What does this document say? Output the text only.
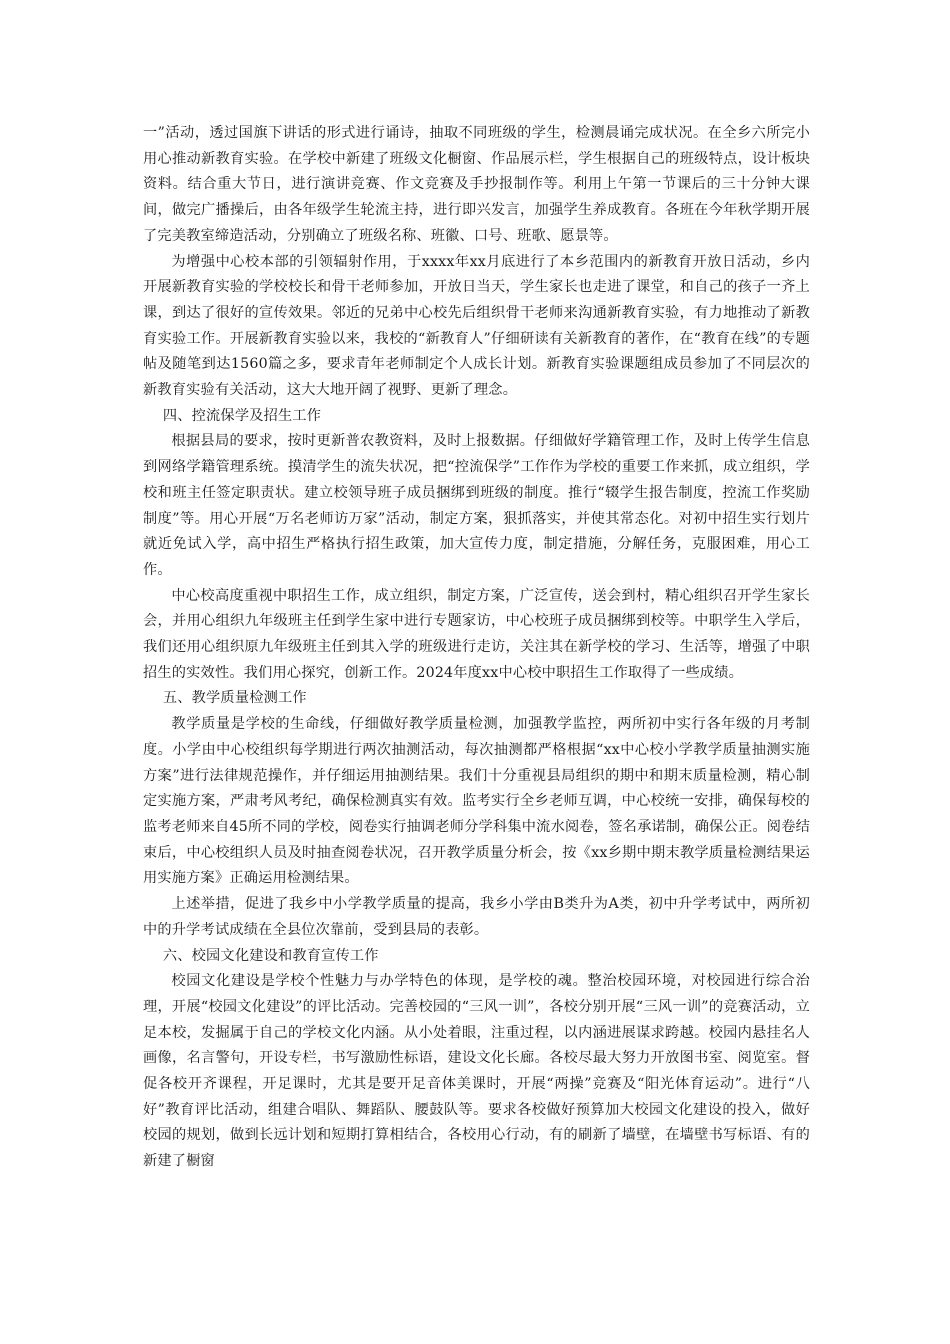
一”活动，透过国旗下讲话的形式进行诵诗，抽取不同班级的学生，检测晨诵完成状况。在全乡六所完小用心推动新教育实验。在学校中新建了班级文化橱窗、作品展示栏，学生根据自己的班级特点，设计板块资料。结合重大节日，进行演讲竞赛、作文竞赛及手抄报制作等。利用上午第一节课后的三十分钟大课间，做完广播操后，由各年级学生轮流主持，进行即兴发言，加强学生养成教育。各班在今年秋学期开展了完美教室缔造活动，分别确立了班级名称、班徽、口号、班歌、愿景等。

为增强中心校本部的引领辐射作用，于xxxx年xx月底进行了本乡范围内的新教育开放日活动，乡内开展新教育实验的学校校长和骨干老师参加，开放日当天，学生家长也走进了课堂，和自己的孩子一齐上课，到达了很好的宣传效果。邻近的兄弟中心校先后组织骨干老师来沟通新教育实验，有力地推动了新教育实验工作。开展新教育实验以来，我校的“新教育人”仔细研读有关新教育的著作，在“教育在线”的专题帖及随笔到达1560篇之多，要求青年老师制定个人成长计划。新教育实验课题组成员参加了不同层次的新教育实验有关活动，这大大地开阔了视野、更新了理念。

四、控流保学及招生工作

根据县局的要求，按时更新普农教资料，及时上报数据。仔细做好学籍管理工作，及时上传学生信息到网络学籍管理系统。摸清学生的流失状况，把“控流保学”工作作为学校的重要工作来抓，成立组织，学校和班主任签定职责状。建立校领导班子成员捆绑到班级的制度。推行“辍学生报告制度，控流工作奖励制度”等。用心开展“万名老师访万家”活动，制定方案，狠抓落实，并使其常态化。对初中招生实行划片就近免试入学，高中招生严格执行招生政策，加大宣传力度，制定措施，分解任务，克服困难，用心工作。

中心校高度重视中职招生工作，成立组织，制定方案，广泛宣传，送会到村，精心组织召开学生家长会，并用心组织九年级班主任到学生家中进行专题家访，中心校班子成员捆绑到校等。中职学生入学后，我们还用心组织原九年级班主任到其入学的班级进行走访，关注其在新学校的学习、生活等，增强了中职招生的实效性。我们用心探究，创新工作。2024年度xx中心校中职招生工作取得了一些成绩。

五、教学质量检测工作

教学质量是学校的生命线，仔细做好教学质量检测，加强教学监控，两所初中实行各年级的月考制度。小学由中心校组织每学期进行两次抽测活动，每次抽测都严格根据“xx中心校小学教学质量抽测实施方案”进行法律规范操作，并仔细运用抽测结果。我们十分重视县局组织的期中和期末质量检测，精心制定实施方案，严肃考风考纪，确保检测真实有效。监考实行全乡老师互调，中心校统一安排，确保每校的监考老师来自45所不同的学校，阅卷实行抽调老师分学科集中流水阅卷，签名承诺制，确保公正。阅卷结束后，中心校组织人员及时抽查阅卷状况，召开教学质量分析会，按《xx乡期中期末教学质量检测结果运用实施方案》正确运用检测结果。

上述举措，促进了我乡中小学教学质量的提高，我乡小学由B类升为A类，初中升学考试中，两所初中的升学考试成绩在全县位次靠前，受到县局的表彰。

六、校园文化建设和教育宣传工作

校园文化建设是学校个性魅力与办学特色的体现，是学校的魂。整治校园环境，对校园进行综合治理，开展“校园文化建设”的评比活动。完善校园的“三风一训”，各校分别开展“三风一训”的竞赛活动，立足本校，发掘属于自己的学校文化内涵。从小处着眼，注重过程，以内涵进展谋求跨越。校园内悬挂名人画像，名言警句，开设专栏，书写激励性标语，建设文化长廊。各校尽最大努力开放图书室、阅览室。督促各校开齐课程，开足课时，尤其是要开足音体美课时，开展“两操”竞赛及“阳光体育运动”。进行“八好”教育评比活动，组建合唱队、舞蹈队、腰鼓队等。要求各校做好预算加大校园文化建设的投入，做好校园的规划，做到长远计划和短期打算相结合，各校用心行动，有的刷新了墙壁，在墙壁书写标语、有的新建了橱窗
